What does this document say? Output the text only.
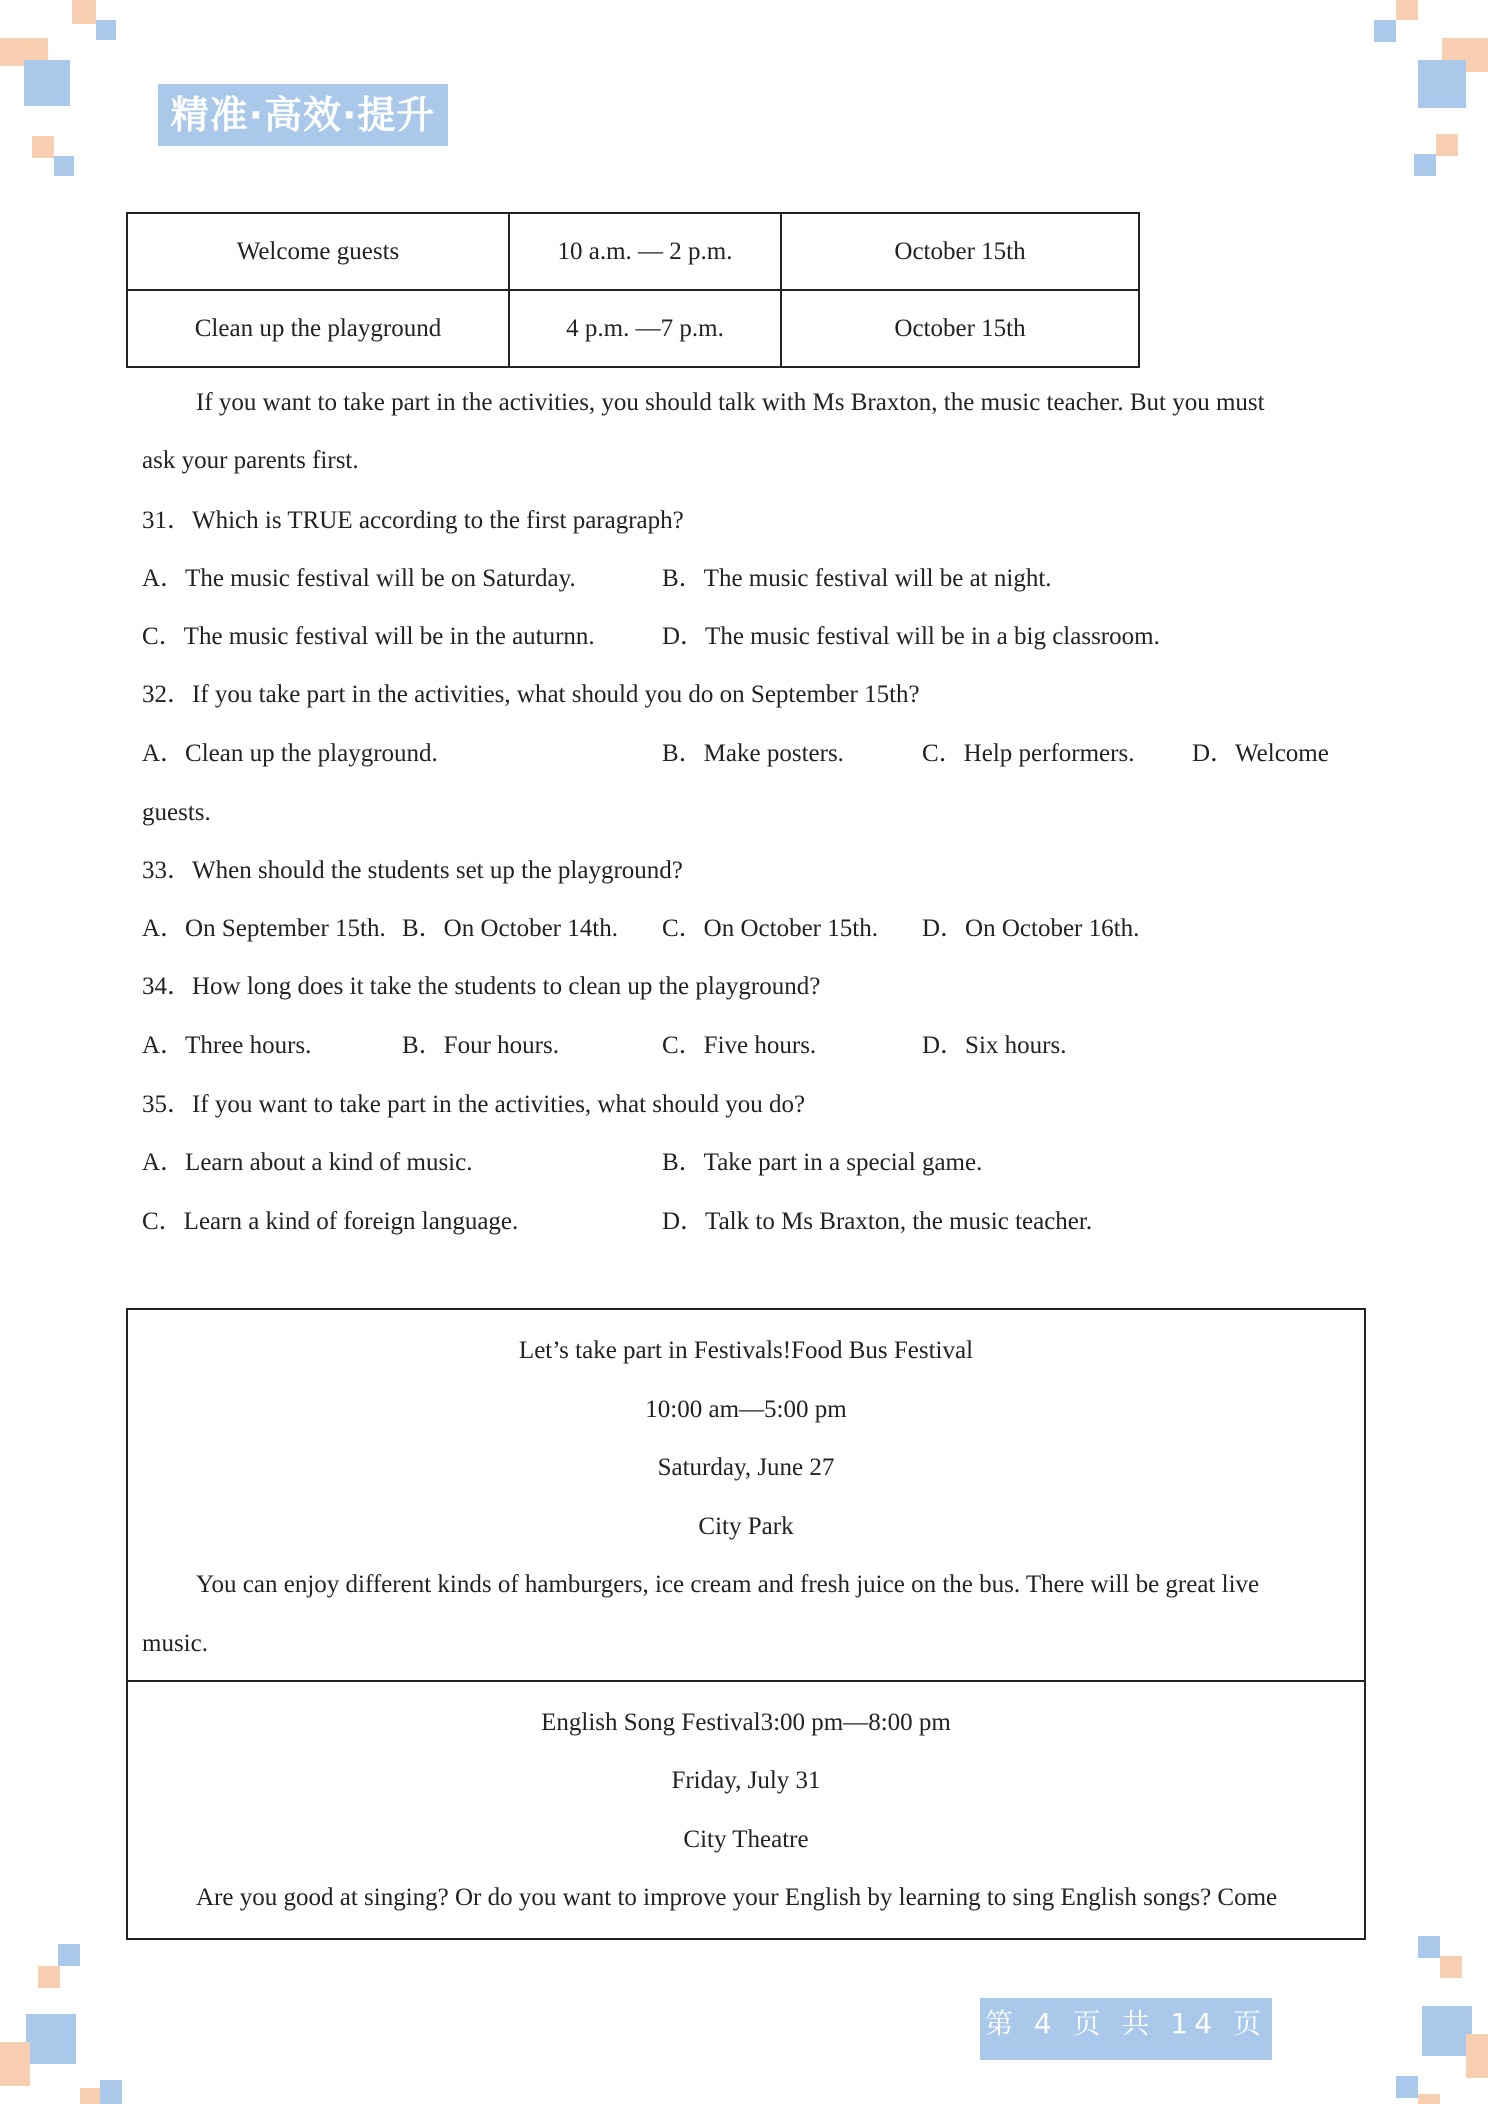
精准·高效·提升
Welcome guests	10 a.m. — 2 p.m.	October 15th
Clean up the playground	4 p.m. —7 p.m.	October 15th
If you want to take part in the activities, you should talk with Ms Braxton, the music teacher. But you must
ask your parents first.
31．Which is TRUE according to the first paragraph?
A．The music festival will be on Saturday.	B．The music festival will be at night.
C．The music festival will be in the auturnn.	D．The music festival will be in a big classroom.
32．If you take part in the activities, what should you do on September 15th?
A．Clean up the playground.	B．Make posters.	C．Help performers. D．Welcome
guests.
33．When should the students set up the playground?
A．On September 15th. B．On October 14th. C．On October 15th. D．On October 16th.
34．How long does it take the students to clean up the playground?
A．Three hours.	B．Four hours.	C．Five hours.	D．Six hours.
35．If you want to take part in the activities, what should you do?
A．Learn about a kind of music.	B．Take part in a special game.
C．Learn a kind of foreign language.	D．Talk to Ms Braxton, the music teacher.
Let’s take part in Festivals!Food Bus Festival
10:00 am—5:00 pm
Saturday, June 27
City Park
You can enjoy different kinds of hamburgers, ice cream and fresh juice on the bus. There will be great live
music.
English Song Festival3:00 pm—8:00 pm
Friday, July 31
City Theatre
Are you good at singing? Or do you want to improve your English by learning to sing English songs? Come
第 4 页 共 14 页
